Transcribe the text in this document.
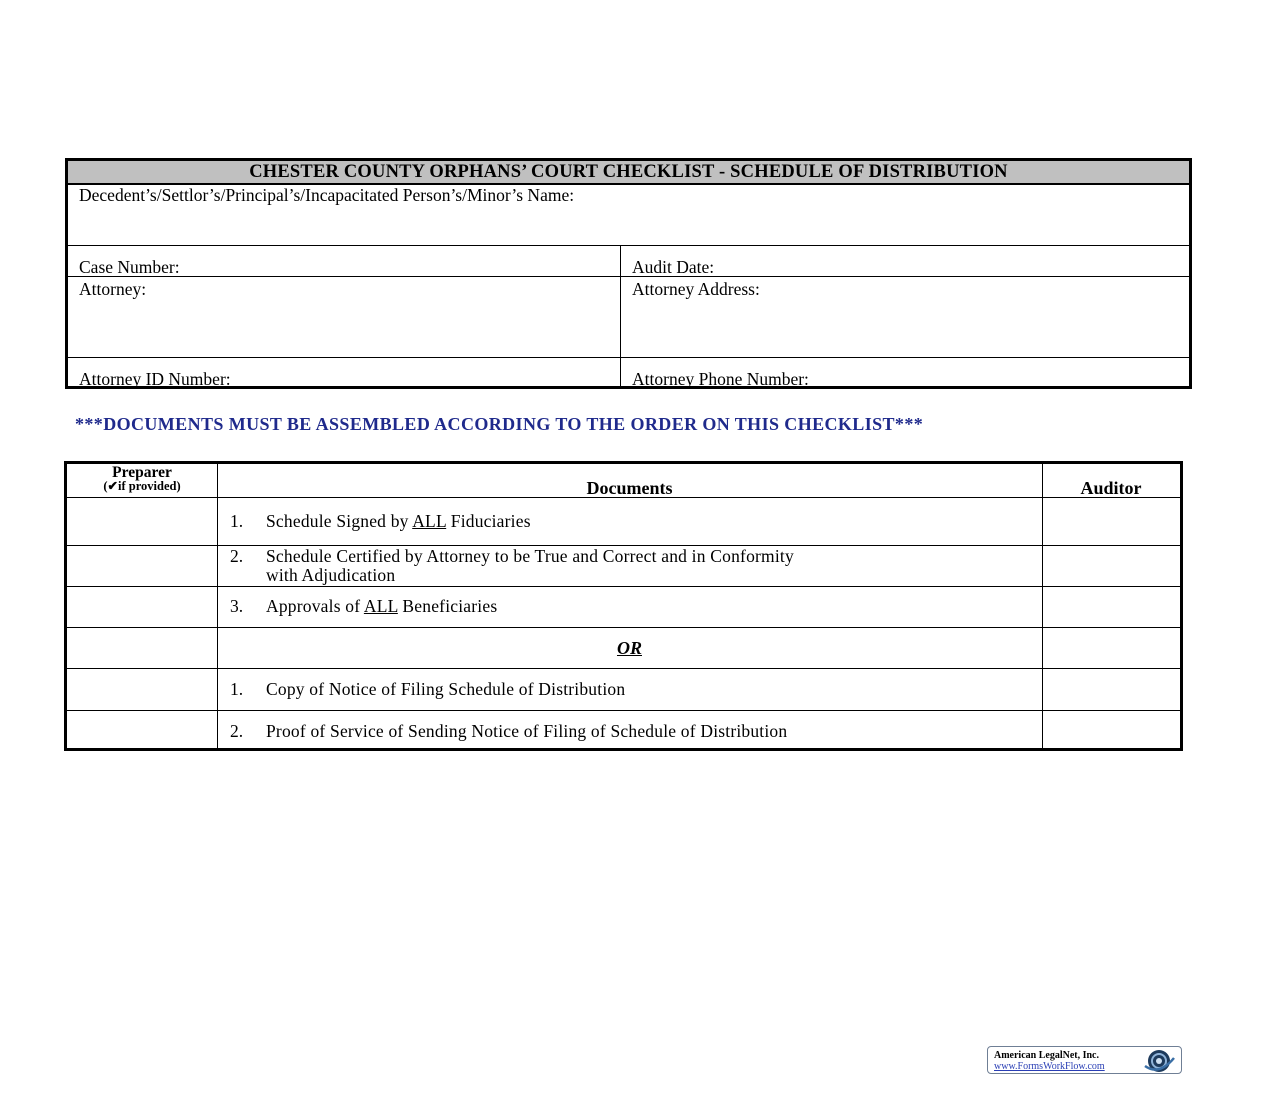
CHESTER COUNTY ORPHANS’ COURT CHECKLIST - SCHEDULE OF DISTRIBUTION
Decedent’s/Settlor’s/Principal’s/Incapacitated Person’s/Minor’s Name:
Case Number:	Audit Date:
Attorney:	Attorney Address:
Attorney ID Number:	Attorney Phone Number:
***DOCUMENTS MUST BE ASSEMBLED ACCORDING TO THE ORDER ON THIS CHECKLIST***
Preparer
(✔if provided)	Documents	Auditor
1. Schedule Signed by ALL Fiduciaries
2. Schedule Certified by Attorney to be True and Correct and in Conformity
with Adjudication
3. Approvals of ALL Beneficiaries
OR
1. Copy of Notice of Filing Schedule of Distribution
2. Proof of Service of Sending Notice of Filing of Schedule of Distribution
American LegalNet, Inc.
www.FormsWorkFlow.com
